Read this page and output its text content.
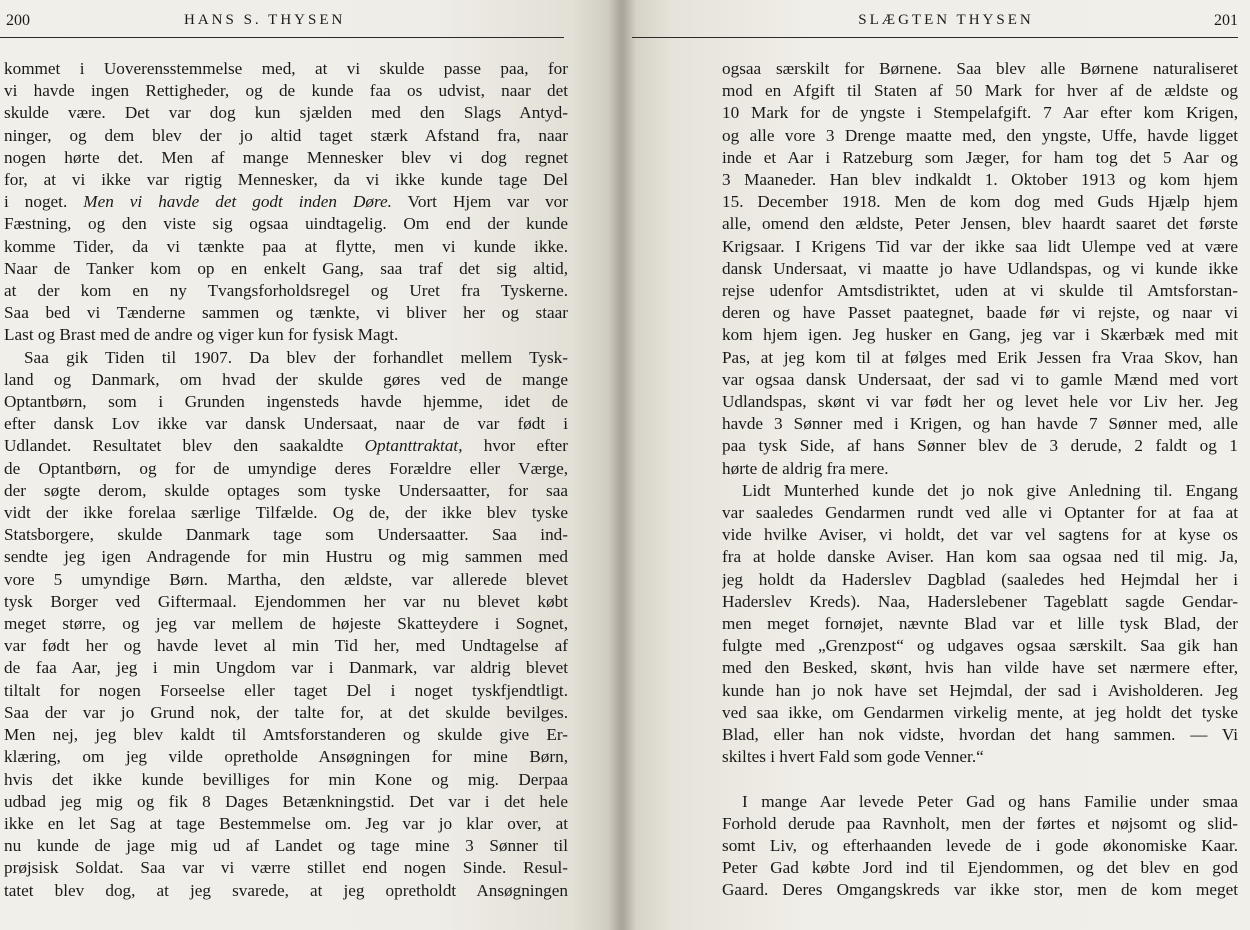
200	HANS S. THYSEN
kommet i Uoverensstemmelse med, at vi skulde passe paa, for
vi havde ingen Rettigheder, og de kunde faa os udvist, naar det
skulde være. Det var dog kun sjælden med den Slags Antyd-
ninger, og dem blev der jo altid taget stærk Afstand fra, naar
nogen hørte det. Men af mange Mennesker blev vi dog regnet
for, at vi ikke var rigtig Mennesker, da vi ikke kunde tage Del
i noget. Men vi havde det godt inden Døre. Vort Hjem var vor
Fæstning, og den viste sig ogsaa uindtagelig. Om end der kunde
komme Tider, da vi tænkte paa at flytte, men vi kunde ikke.
Naar de Tanker kom op en enkelt Gang, saa traf det sig altid,
at der kom en ny Tvangsforholdsregel og Uret fra Tyskerne.
Saa bed vi Tænderne sammen og tænkte, vi bliver her og staar
Last og Brast med de andre og viger kun for fysisk Magt.
Saa gik Tiden til 1907. Da blev der forhandlet mellem Tysk-
land og Danmark, om hvad der skulde gøres ved de mange
Optantbørn, som i Grunden ingensteds havde hjemme, idet de
efter dansk Lov ikke var dansk Undersaat, naar de var født i
Udlandet. Resultatet blev den saakaldte Optanttraktat, hvor efter
de Optantbørn, og for de umyndige deres Forældre eller Værge,
der søgte derom, skulde optages som tyske Undersaatter, for saa
vidt der ikke forelaa særlige Tilfælde. Og de, der ikke blev tyske
Statsborgere, skulde Danmark tage som Undersaatter. Saa ind-
sendte jeg igen Andragende for min Hustru og mig sammen med
vore 5 umyndige Børn. Martha, den ældste, var allerede blevet
tysk Borger ved Giftermaal. Ejendommen her var nu blevet købt
meget større, og jeg var mellem de højeste Skatteydere i Sognet,
var født her og havde levet al min Tid her, med Undtagelse af
de faa Aar, jeg i min Ungdom var i Danmark, var aldrig blevet
tiltalt for nogen Forseelse eller taget Del i noget tyskfjendtligt.
Saa der var jo Grund nok, der talte for, at det skulde bevilges.
Men nej, jeg blev kaldt til Amtsforstanderen og skulde give Er-
klæring, om jeg vilde opretholde Ansøgningen for mine Børn,
hvis det ikke kunde bevilliges for min Kone og mig. Derpaa
udbad jeg mig og fik 8 Dages Betænkningstid. Det var i det hele
ikke en let Sag at tage Bestemmelse om. Jeg var jo klar over, at
nu kunde de jage mig ud af Landet og tage mine 3 Sønner til
prøjsisk Soldat. Saa var vi værre stillet end nogen Sinde. Resul-
tatet blev dog, at jeg svarede, at jeg opretholdt Ansøgningen
SLÆGTEN THYSEN	201
ogsaa særskilt for Børnene. Saa blev alle Børnene naturaliseret
mod en Afgift til Staten af 50 Mark for hver af de ældste og
10 Mark for de yngste i Stempelafgift. 7 Aar efter kom Krigen,
og alle vore 3 Drenge maatte med, den yngste, Uffe, havde ligget
inde et Aar i Ratzeburg som Jæger, for ham tog det 5 Aar og
3 Maaneder. Han blev indkaldt 1. Oktober 1913 og kom hjem
15. December 1918. Men de kom dog med Guds Hjælp hjem
alle, omend den ældste, Peter Jensen, blev haardt saaret det første
Krigsaar. I Krigens Tid var der ikke saa lidt Ulempe ved at være
dansk Undersaat, vi maatte jo have Udlandspas, og vi kunde ikke
rejse udenfor Amtsdistriktet, uden at vi skulde til Amtsforstan-
deren og have Passet paategnet, baade før vi rejste, og naar vi
kom hjem igen. Jeg husker en Gang, jeg var i Skærbæk med mit
Pas, at jeg kom til at følges med Erik Jessen fra Vraa Skov, han
var ogsaa dansk Undersaat, der sad vi to gamle Mænd med vort
Udlandspas, skønt vi var født her og levet hele vor Liv her. Jeg
havde 3 Sønner med i Krigen, og han havde 7 Sønner med, alle
paa tysk Side, af hans Sønner blev de 3 derude, 2 faldt og 1
hørte de aldrig fra mere.
Lidt Munterhed kunde det jo nok give Anledning til. Engang
var saaledes Gendarmen rundt ved alle vi Optanter for at faa at
vide hvilke Aviser, vi holdt, det var vel sagtens for at kyse os
fra at holde danske Aviser. Han kom saa ogsaa ned til mig. Ja,
jeg holdt da Haderslev Dagblad (saaledes hed Hejmdal her i
Haderslev Kreds). Naa, Haderslebener Tageblatt sagde Gendar-
men meget fornøjet, nævnte Blad var et lille tysk Blad, der
fulgte med „Grenzpost“ og udgaves ogsaa særskilt. Saa gik han
med den Besked, skønt, hvis han vilde have set nærmere efter,
kunde han jo nok have set Hejmdal, der sad i Avisholderen. Jeg
ved saa ikke, om Gendarmen virkelig mente, at jeg holdt det tyske
Blad, eller han nok vidste, hvordan det hang sammen. — Vi
skiltes i hvert Fald som gode Venner.“
I mange Aar levede Peter Gad og hans Familie under smaa
Forhold derude paa Ravnholt, men der førtes et nøjsomt og slid-
somt Liv, og efterhaanden levede de i gode økonomiske Kaar.
Peter Gad købte Jord ind til Ejendommen, og det blev en god
Gaard. Deres Omgangskreds var ikke stor, men de kom meget
